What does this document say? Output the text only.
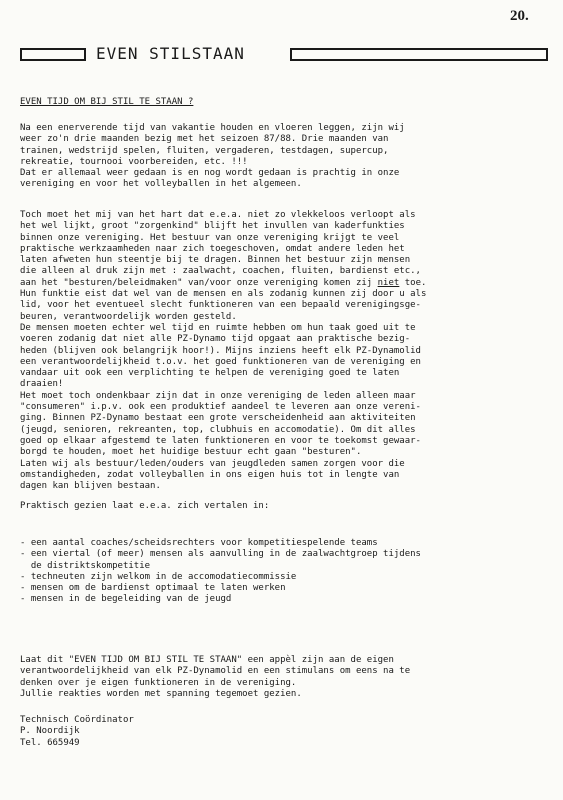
20.
EVEN STILSTAAN
EVEN TIJD OM BIJ STIL TE STAAN ?
Na een enerverende tijd van vakantie houden en vloeren leggen, zijn wij
weer zo'n drie maanden bezig met het seizoen 87/88. Drie maanden van
trainen, wedstrijd spelen, fluiten, vergaderen, testdagen, supercup,
rekreatie, tournooi voorbereiden, etc. !!!
Dat er allemaal weer gedaan is en nog wordt gedaan is prachtig in onze
vereniging en voor het volleyballen in het algemeen.
Toch moet het mij van het hart dat e.e.a. niet zo vlekkeloos verloopt als
het wel lijkt, groot "zorgenkind" blijft het invullen van kaderfunkties
binnen onze vereniging. Het bestuur van onze vereniging krijgt te veel
praktische werkzaamheden naar zich toegeschoven, omdat andere leden het
laten afweten hun steentje bij te dragen. Binnen het bestuur zijn mensen
die alleen al druk zijn met : zaalwacht, coachen, fluiten, bardienst etc.,
aan het "besturen/beleidmaken" van/voor onze vereniging komen zij niet toe.
Hun funktie eist dat wel van de mensen en als zodanig kunnen zij door u als
lid, voor het eventueel slecht funktioneren van een bepaald verenigingsge-
beuren, verantwoordelijk worden gesteld.
De mensen moeten echter wel tijd en ruimte hebben om hun taak goed uit te
voeren zodanig dat niet alle PZ-Dynamo tijd opgaat aan praktische bezig-
heden (blijven ook belangrijk hoor!). Mijns inziens heeft elk PZ-Dynamolid
een verantwoordelijkheid t.o.v. het goed funktioneren van de vereniging en
vandaar uit ook een verplichting te helpen de vereniging goed te laten
draaien!
Het moet toch ondenkbaar zijn dat in onze vereniging de leden alleen maar
"consumeren" i.p.v. ook een produktief aandeel te leveren aan onze vereni-
ging. Binnen PZ-Dynamo bestaat een grote verscheidenheid aan aktiviteiten
(jeugd, senioren, rekreanten, top, clubhuis en accomodatie). Om dit alles
goed op elkaar afgestemd te laten funktioneren en voor te toekomst gewaar-
borgd te houden, moet het huidige bestuur echt gaan "besturen".
Laten wij als bestuur/leden/ouders van jeugdleden samen zorgen voor die
omstandigheden, zodat volleyballen in ons eigen huis tot in lengte van
dagen kan blijven bestaan.
Praktisch gezien laat e.e.a. zich vertalen in:
- een aantal coaches/scheidsrechters voor kompetitiespelende teams
- een viertal (of meer) mensen als aanvulling in de zaalwachtgroep tijdens
de distriktskompetitie
- techneuten zijn welkom in de accomodatiecommissie
- mensen om de bardienst optimaal te laten werken
- mensen in de begeleiding van de jeugd
Laat dit "EVEN TIJD OM BIJ STIL TE STAAN" een appèl zijn aan de eigen
verantwoordelijkheid van elk PZ-Dynamolid en een stimulans om eens na te
denken over je eigen funktioneren in de vereniging.
Jullie reakties worden met spanning tegemoet gezien.
Technisch Coördinator
P. Noordijk
Tel. 665949
